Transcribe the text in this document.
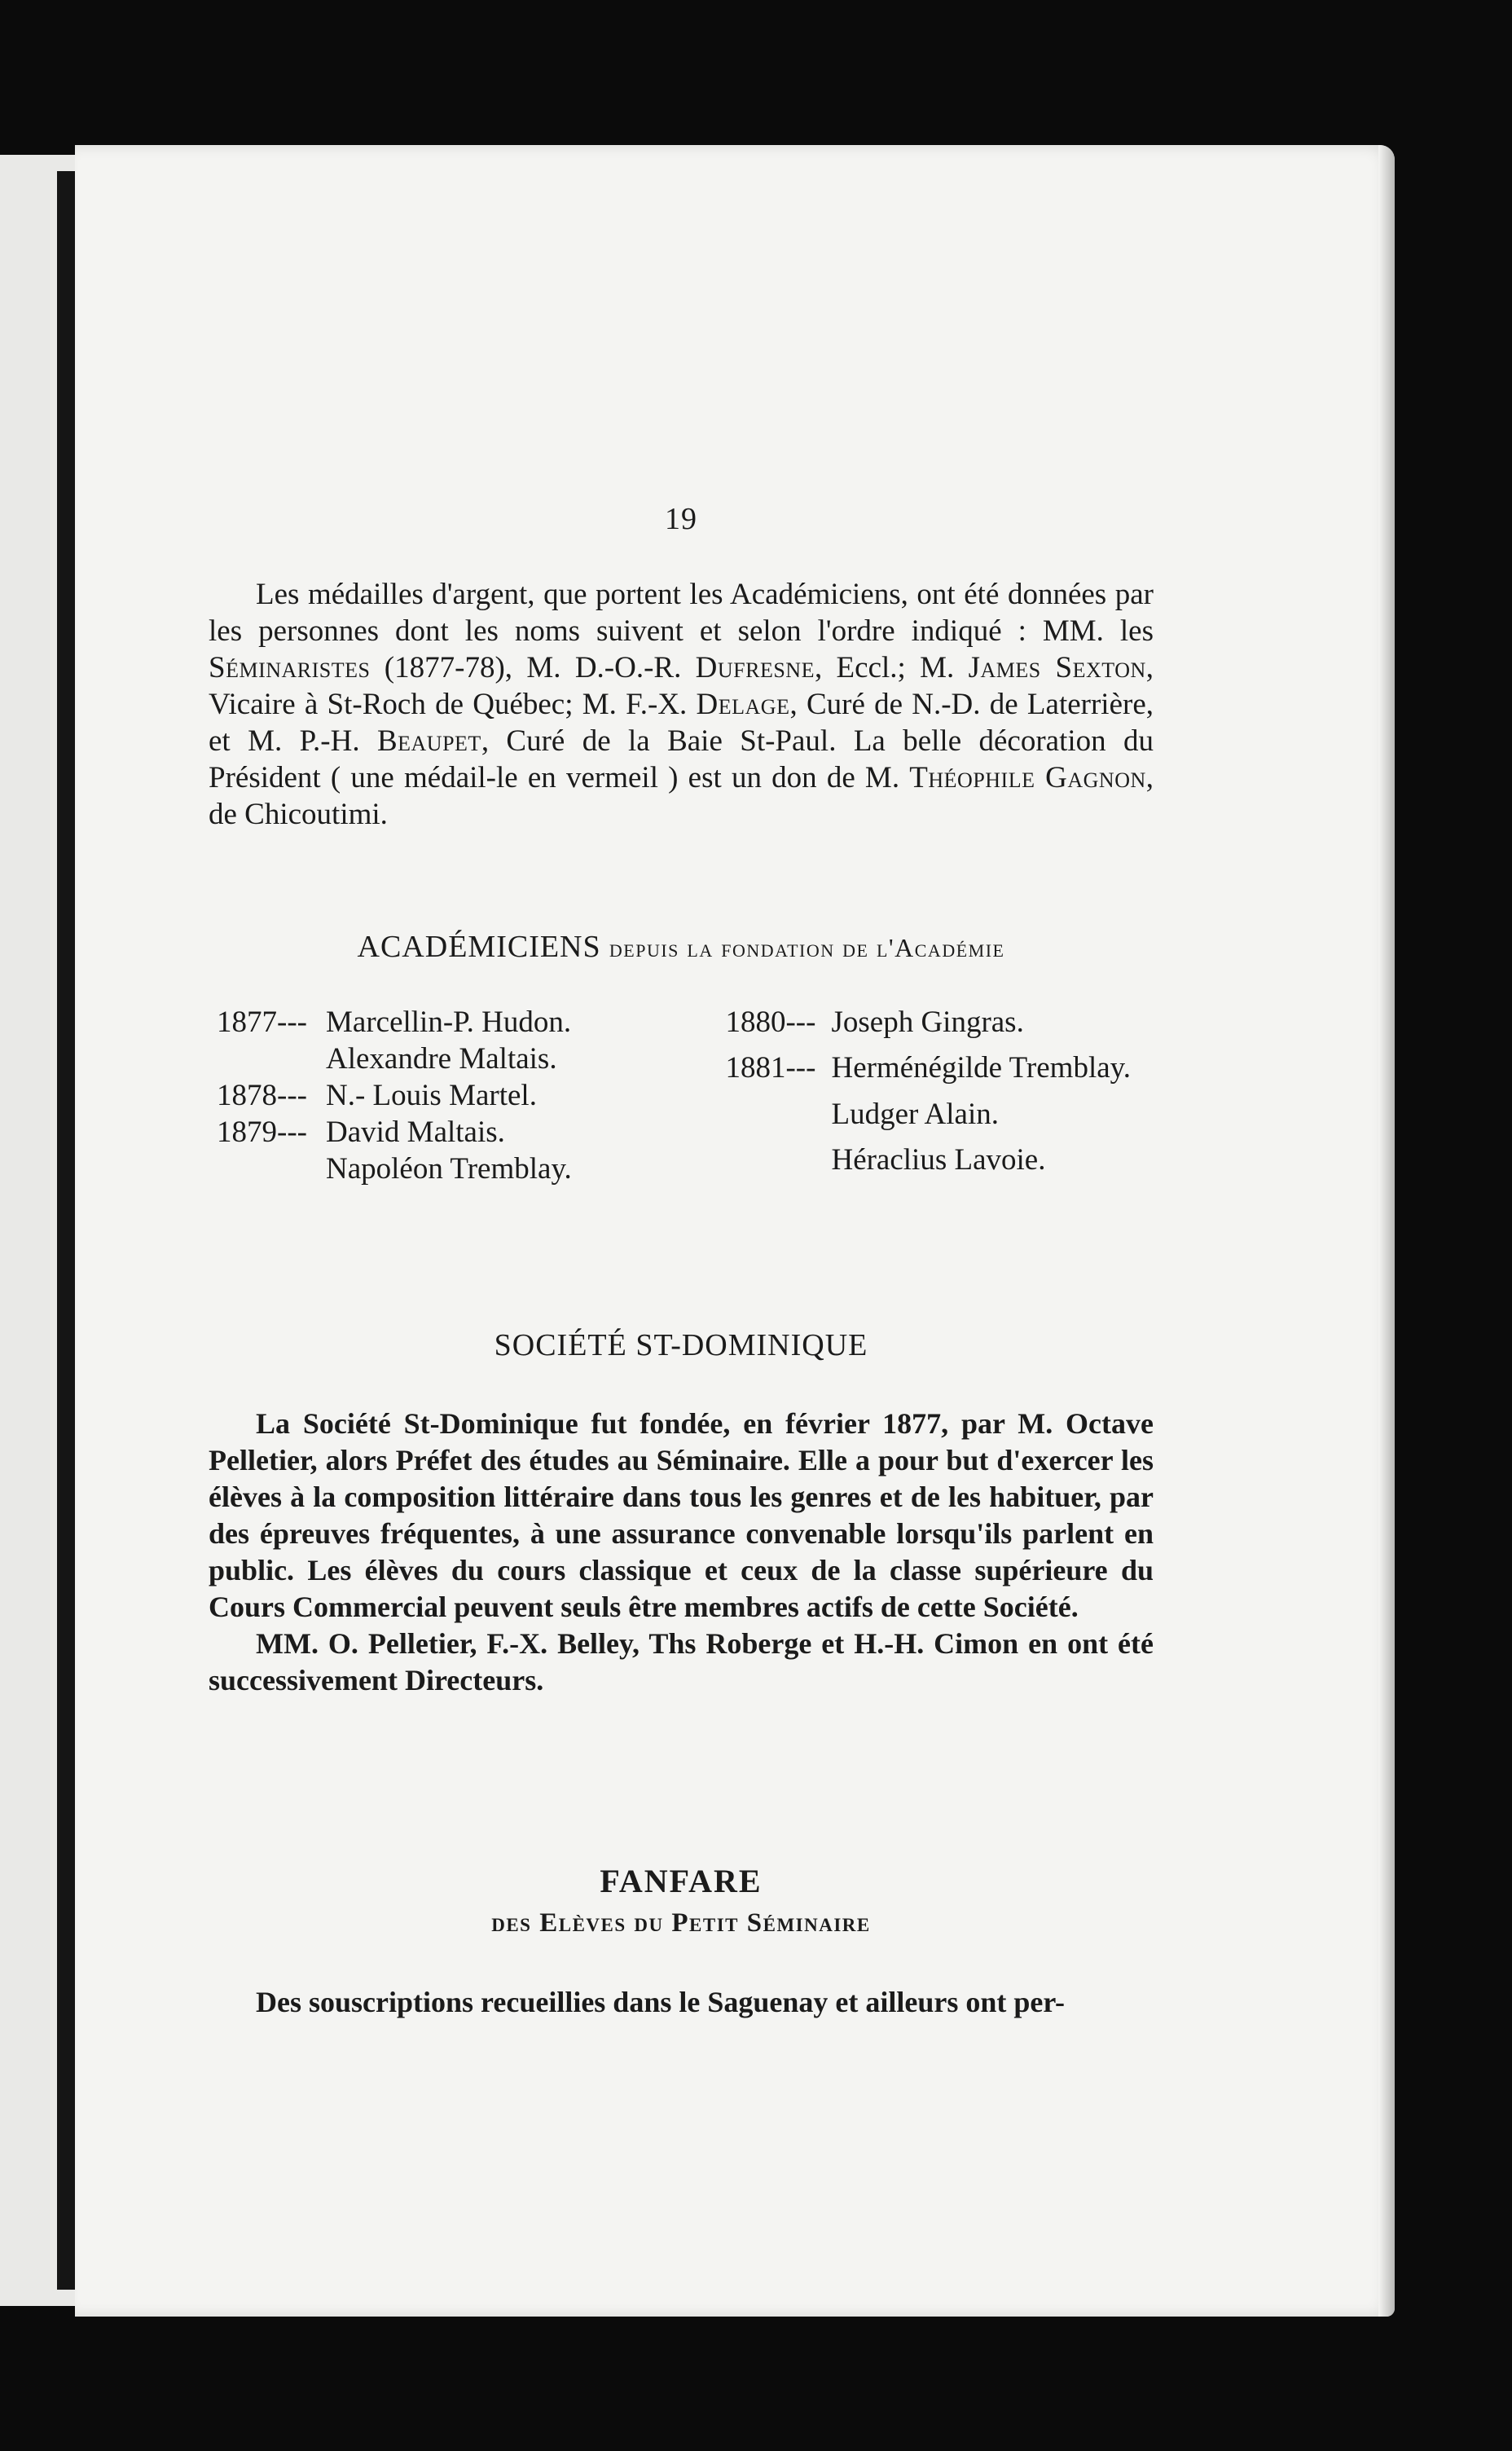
19

Les médailles d'argent, que portent les Académiciens, ont été données par les personnes dont les noms suivent et selon l'ordre indiqué : MM. les Séminaristes (1877-78), M. D.-O.-R. Dufresne, Eccl.; M. James Sexton, Vicaire à St-Roch de Québec; M. F.-X. Delage, Curé de N.-D. de Laterrière, et M. P.-H. Beaupet, Curé de la Baie St-Paul. La belle décoration du Président ( une médail-le en vermeil ) est un don de M. Théophile Gagnon, de Chicoutimi.

ACADÉMICIENS depuis la fondation de l'Académie
1877--- Marcellin-P. Hudon.
Alexandre Maltais.
1878--- N.- Louis Martel.
1879--- David Maltais.
Napoléon Tremblay.
1880--- Joseph Gingras.
1881--- Herménégilde Tremblay.
Ludger Alain.
Héraclius Lavoie.
SOCIÉTÉ ST-DOMINIQUE

La Société St-Dominique fut fondée, en février 1877, par M. Octave Pelletier, alors Préfet des études au Séminaire. Elle a pour but d'exercer les élèves à la composition littéraire dans tous les genres et de les habituer, par des épreuves fréquentes, à une assurance convenable lorsqu'ils parlent en public. Les élèves du cours classique et ceux de la classe supérieure du Cours Commercial peuvent seuls être membres actifs de cette Société.

MM. O. Pelletier, F.-X. Belley, Ths Roberge et H.-H. Cimon en ont été successivement Directeurs.

FANFARE
des Elèves du Petit Séminaire

Des souscriptions recueillies dans le Saguenay et ailleurs ont per-
